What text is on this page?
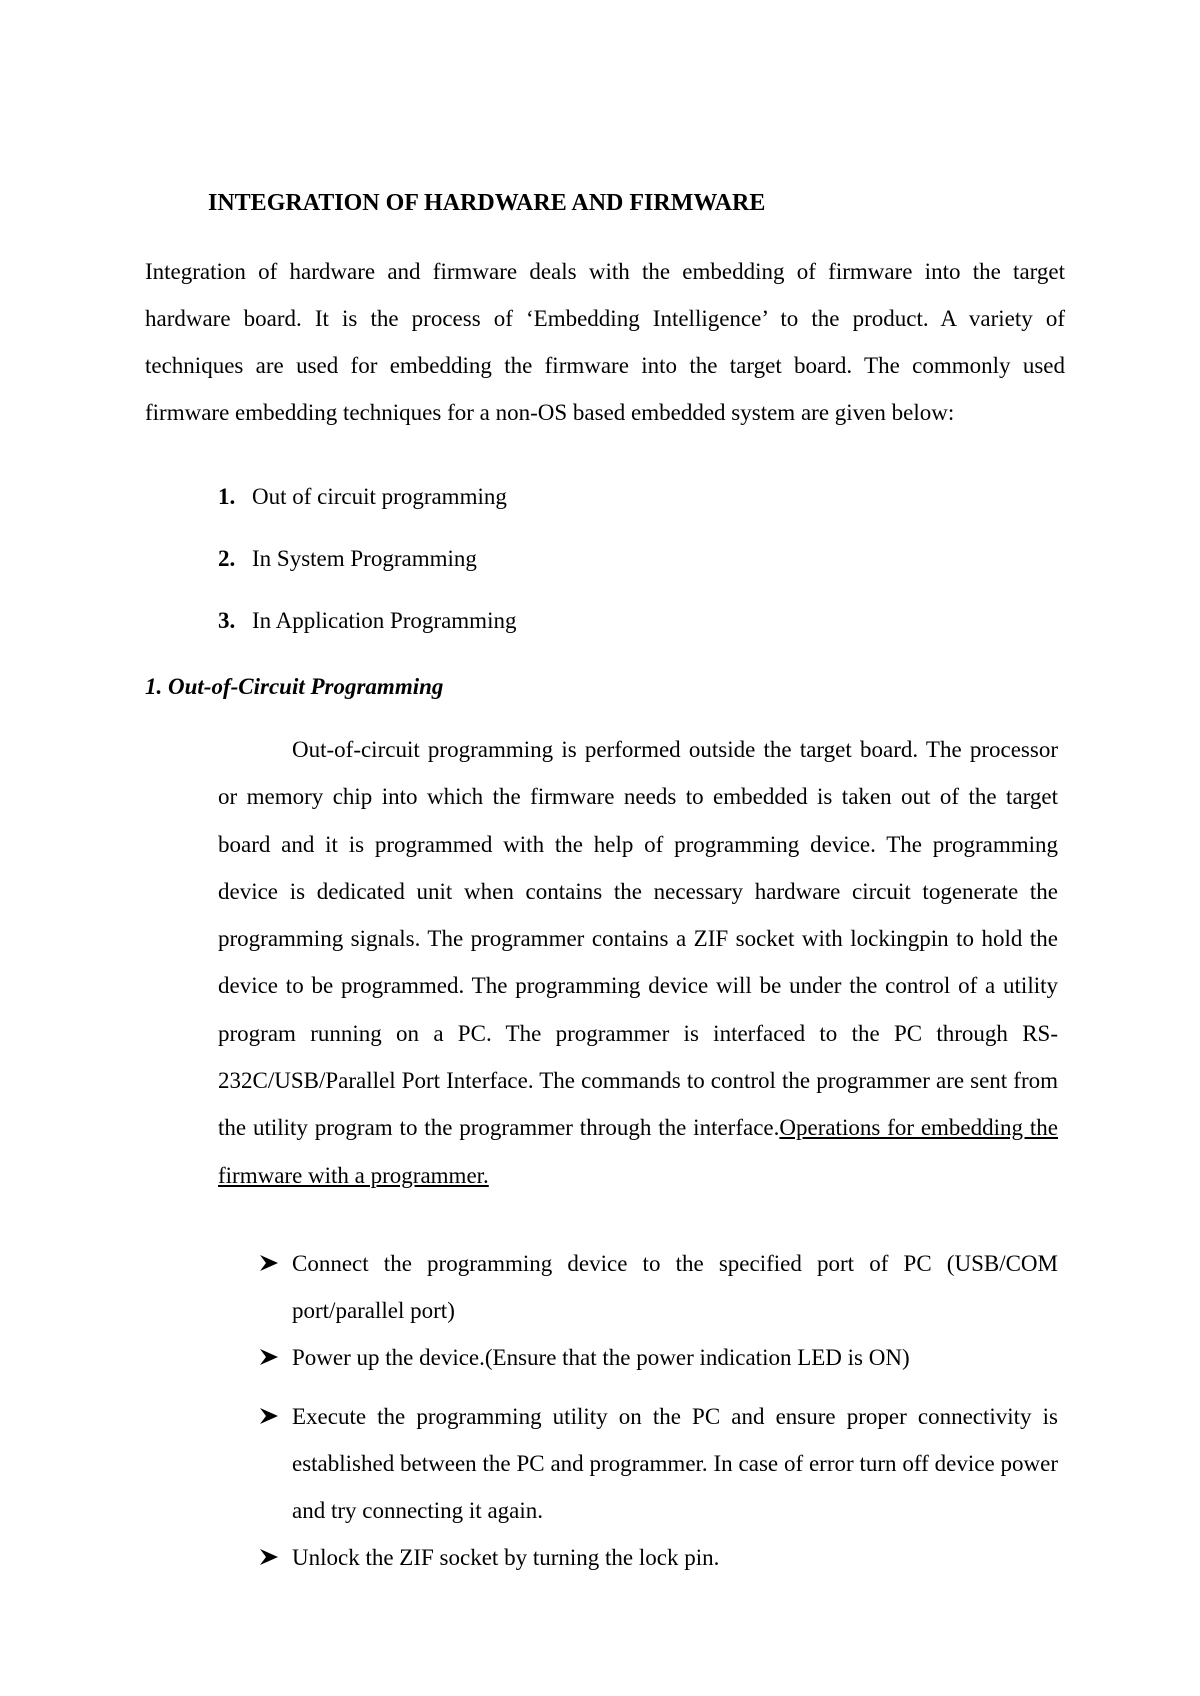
INTEGRATION OF HARDWARE AND FIRMWARE

Integration of hardware and firmware deals with the embedding of firmware into the target hardware board. It is the process of ‘Embedding Intelligence’ to the product. A variety of techniques are used for embedding the firmware into the target board. The commonly used firmware embedding techniques for a non-OS based embedded system are given below:

1. Out of circuit programming
2. In System Programming
3. In Application Programming
1. Out-of-Circuit Programming

Out-of-circuit programming is performed outside the target board. The processor or memory chip into which the firmware needs to embedded is taken out of the target board and it is programmed with the help of programming device. The programming device is dedicated unit when contains the necessary hardware circuit togenerate the programming signals. The programmer contains a ZIF socket with lockingpin to hold the device to be programmed. The programming device will be under the control of a utility program running on a PC. The programmer is interfaced to the PC through RS-232C/USB/Parallel Port Interface. The commands to control the programmer are sent from the utility program to the programmer through the interface.Operations for embedding the firmware with a programmer.

Connect the programming device to the specified port of PC (USB/COM port/parallel port)
Power up the device.(Ensure that the power indication LED is ON)
Execute the programming utility on the PC and ensure proper connectivity is established between the PC and programmer. In case of error turn off device power and try connecting it again.
Unlock the ZIF socket by turning the lock pin.
